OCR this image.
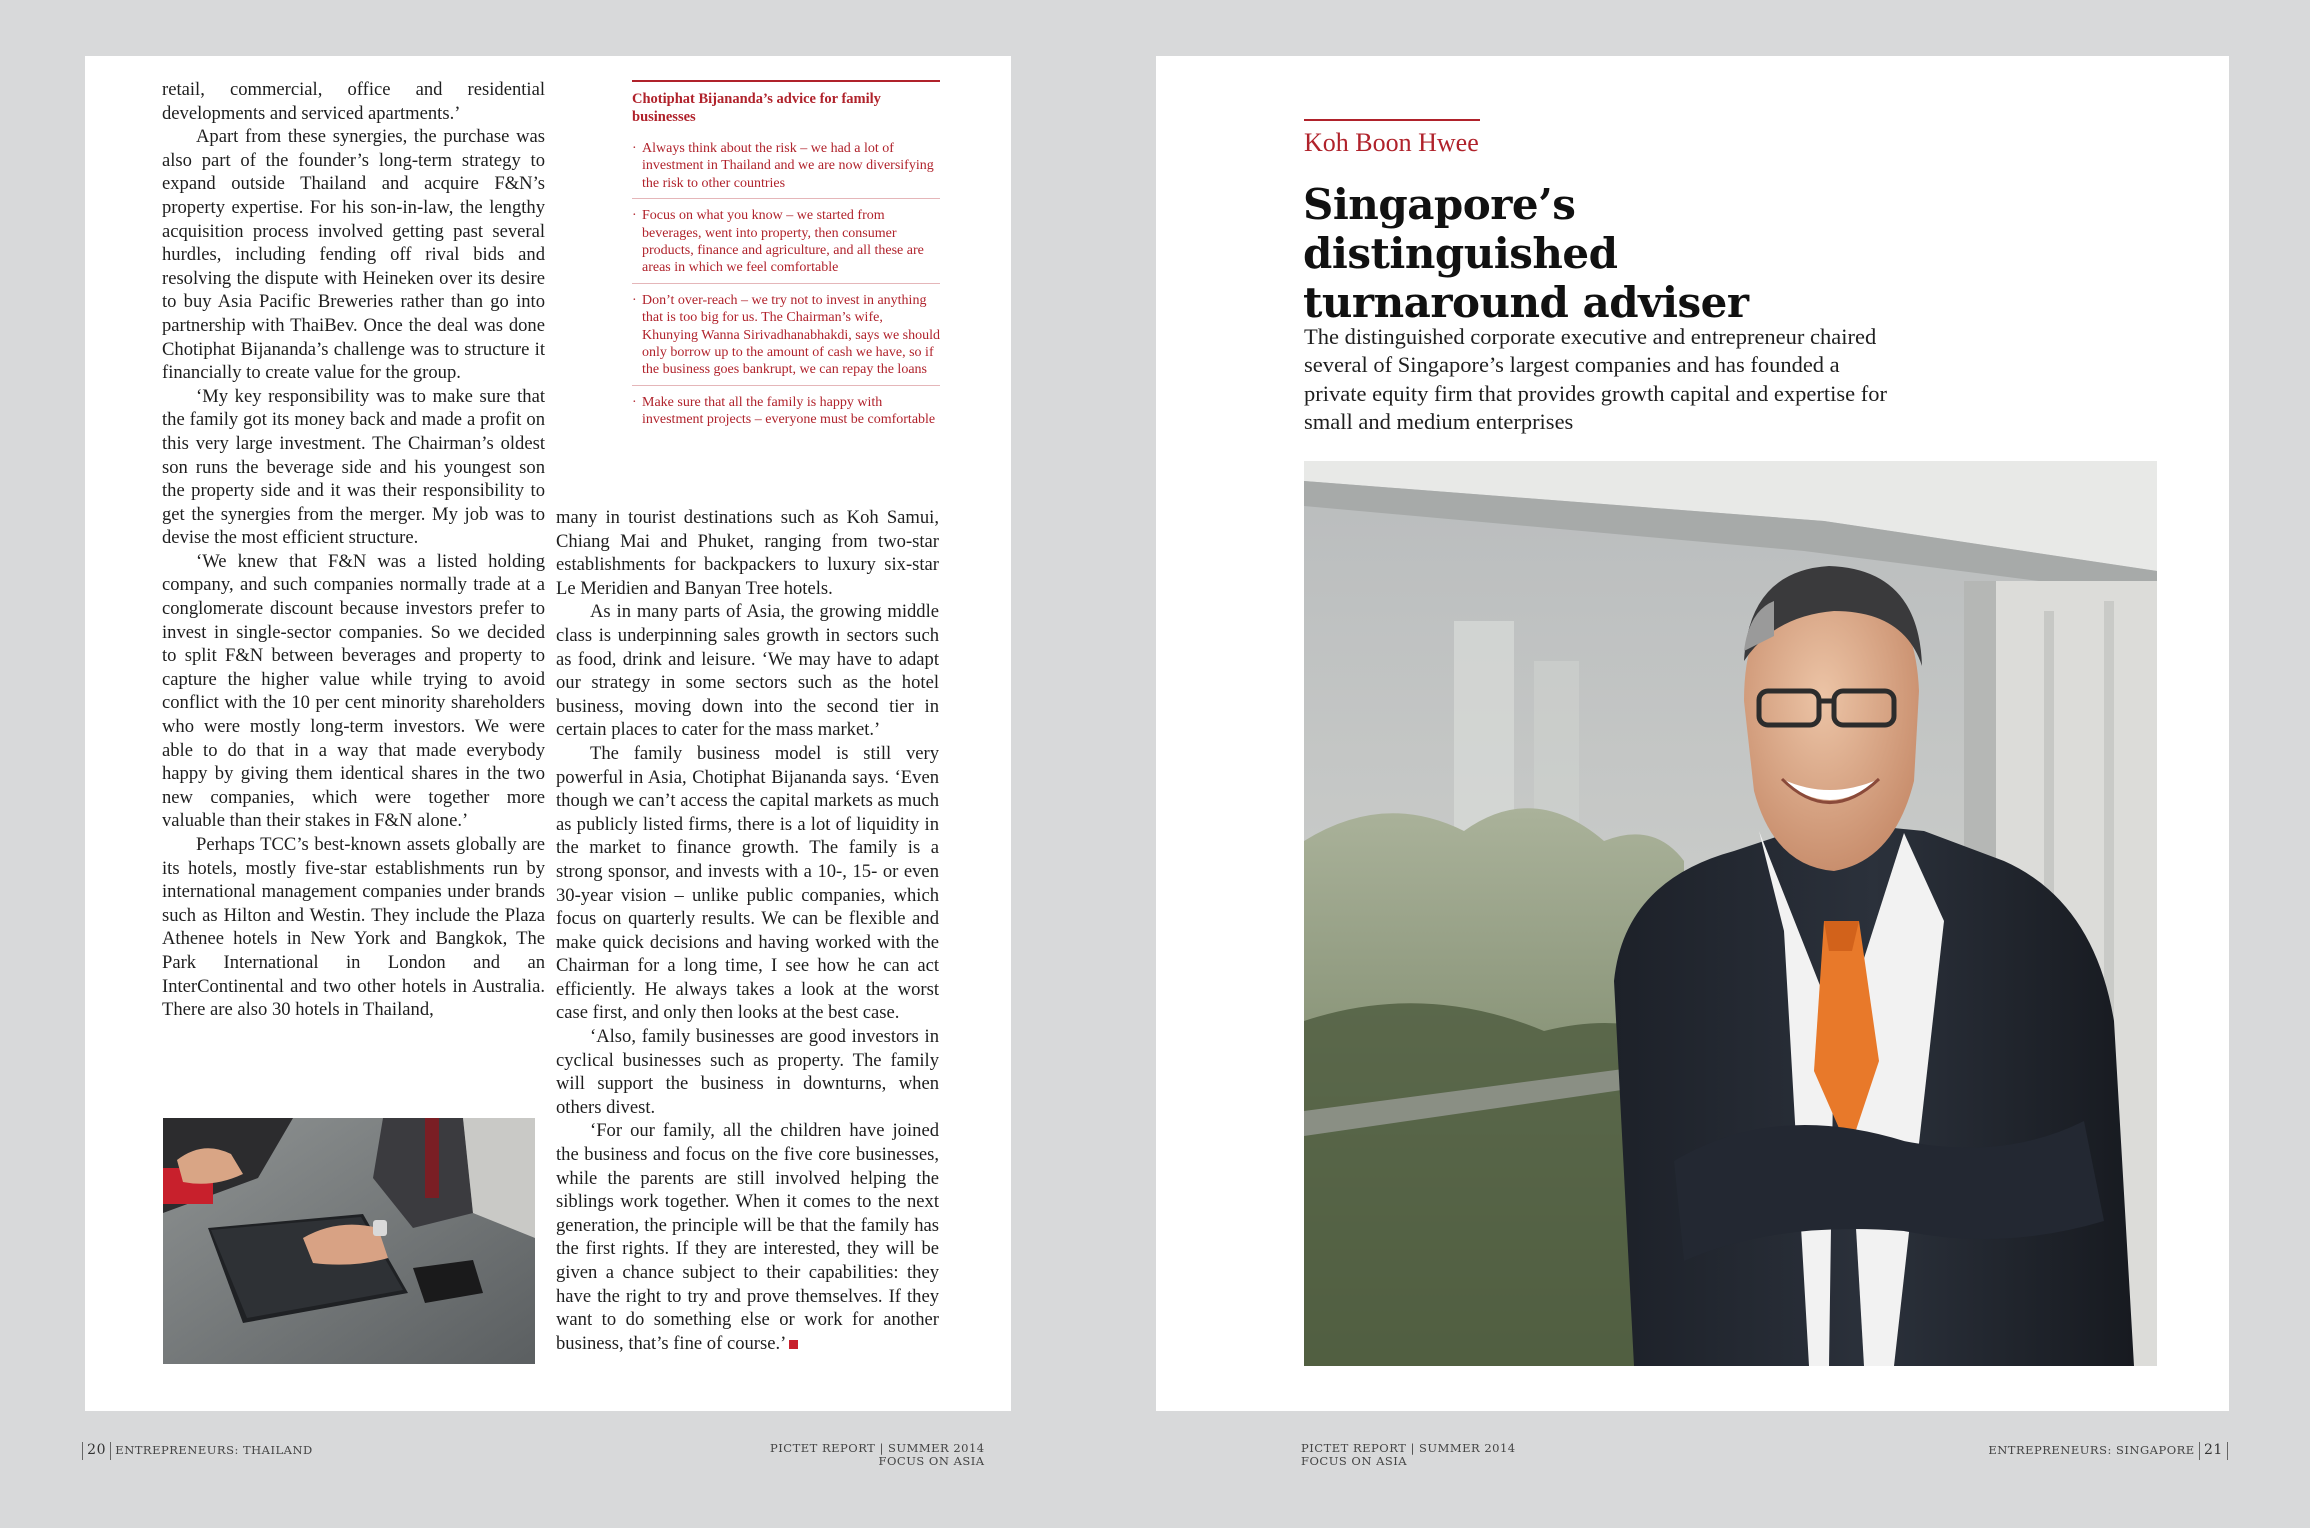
retail, commercial, office and residential developments and serviced apartments.’

Apart from these synergies, the purchase was also part of the founder’s long-term strategy to expand outside Thailand and acquire F&N’s property expertise. For his son-in-law, the lengthy acquisition process involved getting past several hurdles, including fending off rival bids and resolving the dispute with Heineken over its desire to buy Asia Pacific Breweries rather than go into partnership with ThaiBev. Once the deal was done Chotiphat Bijananda’s challenge was to structure it financially to create value for the group.

‘My key responsibility was to make sure that the family got its money back and made a profit on this very large investment. The Chairman’s oldest son runs the beverage side and his youngest son the property side and it was their responsibility to get the synergies from the merger. My job was to devise the most efficient structure.

‘We knew that F&N was a listed holding company, and such companies normally trade at a conglomerate discount because investors prefer to invest in single-sector companies. So we decided to split F&N between beverages and property to capture the higher value while trying to avoid conflict with the 10 per cent minority shareholders who were mostly long-term investors. We were able to do that in a way that made everybody happy by giving them identical shares in the two new companies, which were together more valuable than their stakes in F&N alone.’

Perhaps TCC’s best-known assets globally are its hotels, mostly five-star establishments run by international management companies under brands such as Hilton and Westin. They include the Plaza Athenee hotels in New York and Bangkok, The Park International in London and an InterContinental and two other hotels in Australia. There are also 30 hotels in Thailand,

Chotiphat Bijananda’s advice for family businesses
· Always think about the risk – we had a lot of investment in Thailand and we are now diversifying the risk to other countries
· Focus on what you know – we started from beverages, went into property, then consumer products, finance and agriculture, and all these are areas in which we feel comfortable
· Don’t over-reach – we try not to invest in anything that is too big for us. The Chairman’s wife, Khunying Wanna Sirivadhanabhakdi, says we should only borrow up to the amount of cash we have, so if the business goes bankrupt, we can repay the loans
· Make sure that all the family is happy with investment projects – everyone must be comfortable

many in tourist destinations such as Koh Samui, Chiang Mai and Phuket, ranging from two-star establishments for backpackers to luxury six-star Le Meridien and Banyan Tree hotels.

As in many parts of Asia, the growing middle class is underpinning sales growth in sectors such as food, drink and leisure. ‘We may have to adapt our strategy in some sectors such as the hotel business, moving down into the second tier in certain places to cater for the mass market.’

The family business model is still very powerful in Asia, Chotiphat Bijananda says. ‘Even though we can’t access the capital markets as much as publicly listed firms, there is a lot of liquidity in the market to finance growth. The family is a strong sponsor, and invests with a 10-, 15- or even 30-year vision – unlike public companies, which focus on quarterly results. We can be flexible and make quick decisions and having worked with the Chairman for a long time, I see how he can act efficiently. He always takes a look at the worst case first, and only then looks at the best case.

‘Also, family businesses are good investors in cyclical businesses such as property. The family will support the business in downturns, when others divest.

‘For our family, all the children have joined the business and focus on the five core businesses, while the parents are still involved helping the siblings work together. When it comes to the next generation, the principle will be that the family has the first rights. If they are interested, they will be given a chance subject to their capabilities: they have the right to try and prove themselves. If they want to do something else or work for another business, that’s fine of course.’

Koh Boon Hwee
Singapore’s distinguished
turnaround adviser
The distinguished corporate executive and entrepreneur chaired several of Singapore’s largest companies and has founded a private equity firm that provides growth capital and expertise for small and medium enterprises
20 ENTREPRENEURS: THAILAND	PICTET REPORT | SUMMER 2014
FOCUS ON ASIA
PICTET REPORT | SUMMER 2014
FOCUS ON ASIA
ENTREPRENEURS: SINGAPORE 21
